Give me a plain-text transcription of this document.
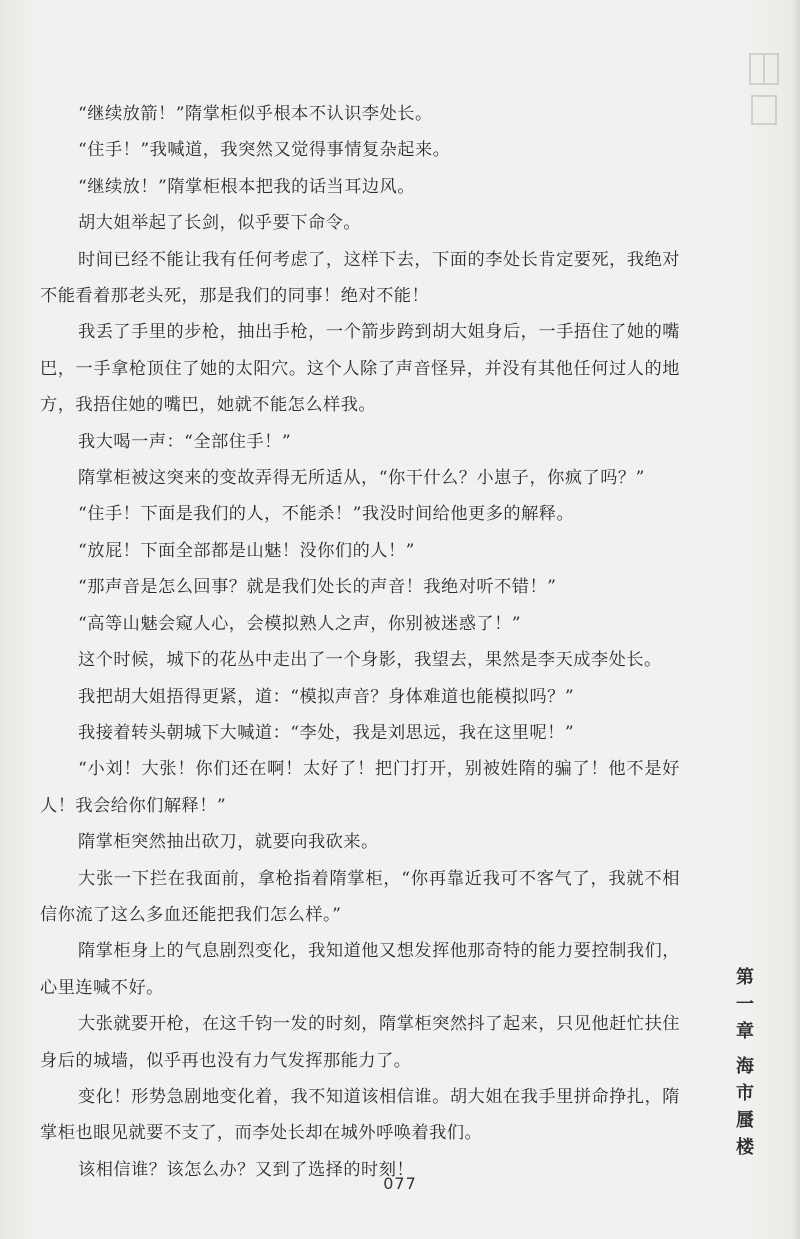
“继续放箭！”隋掌柜似乎根本不认识李处长。

“住手！”我喊道，我突然又觉得事情复杂起来。

“继续放！”隋掌柜根本把我的话当耳边风。

胡大姐举起了长剑，似乎要下命令。

时间已经不能让我有任何考虑了，这样下去，下面的李处长肯定要死，我绝对不能看着那老头死，那是我们的同事！绝对不能！

我丢了手里的步枪，抽出手枪，一个箭步跨到胡大姐身后，一手捂住了她的嘴巴，一手拿枪顶住了她的太阳穴。这个人除了声音怪异，并没有其他任何过人的地方，我捂住她的嘴巴，她就不能怎么样我。

我大喝一声：“全部住手！”

隋掌柜被这突来的变故弄得无所适从，“你干什么？小崽子，你疯了吗？”

“住手！下面是我们的人，不能杀！”我没时间给他更多的解释。

“放屁！下面全部都是山魅！没你们的人！”

“那声音是怎么回事？就是我们处长的声音！我绝对听不错！”

“高等山魅会窥人心，会模拟熟人之声，你别被迷惑了！”

这个时候，城下的花丛中走出了一个身影，我望去，果然是李天成李处长。

我把胡大姐捂得更紧，道：“模拟声音？身体难道也能模拟吗？”

我接着转头朝城下大喊道：“李处，我是刘思远，我在这里呢！”

“小刘！大张！你们还在啊！太好了！把门打开，别被姓隋的骗了！他不是好人！我会给你们解释！”

隋掌柜突然抽出砍刀，就要向我砍来。

大张一下拦在我面前，拿枪指着隋掌柜，“你再靠近我可不客气了，我就不相信你流了这么多血还能把我们怎么样。”

隋掌柜身上的气息剧烈变化，我知道他又想发挥他那奇特的能力要控制我们，心里连喊不好。

大张就要开枪，在这千钧一发的时刻，隋掌柜突然抖了起来，只见他赶忙扶住身后的城墙，似乎再也没有力气发挥那能力了。

变化！形势急剧地变化着，我不知道该相信谁。胡大姐在我手里拼命挣扎，隋掌柜也眼见就要不支了，而李处长却在城外呼唤着我们。

该相信谁？该怎么办？又到了选择的时刻！

第
一
章
海
市
蜃
楼
077
